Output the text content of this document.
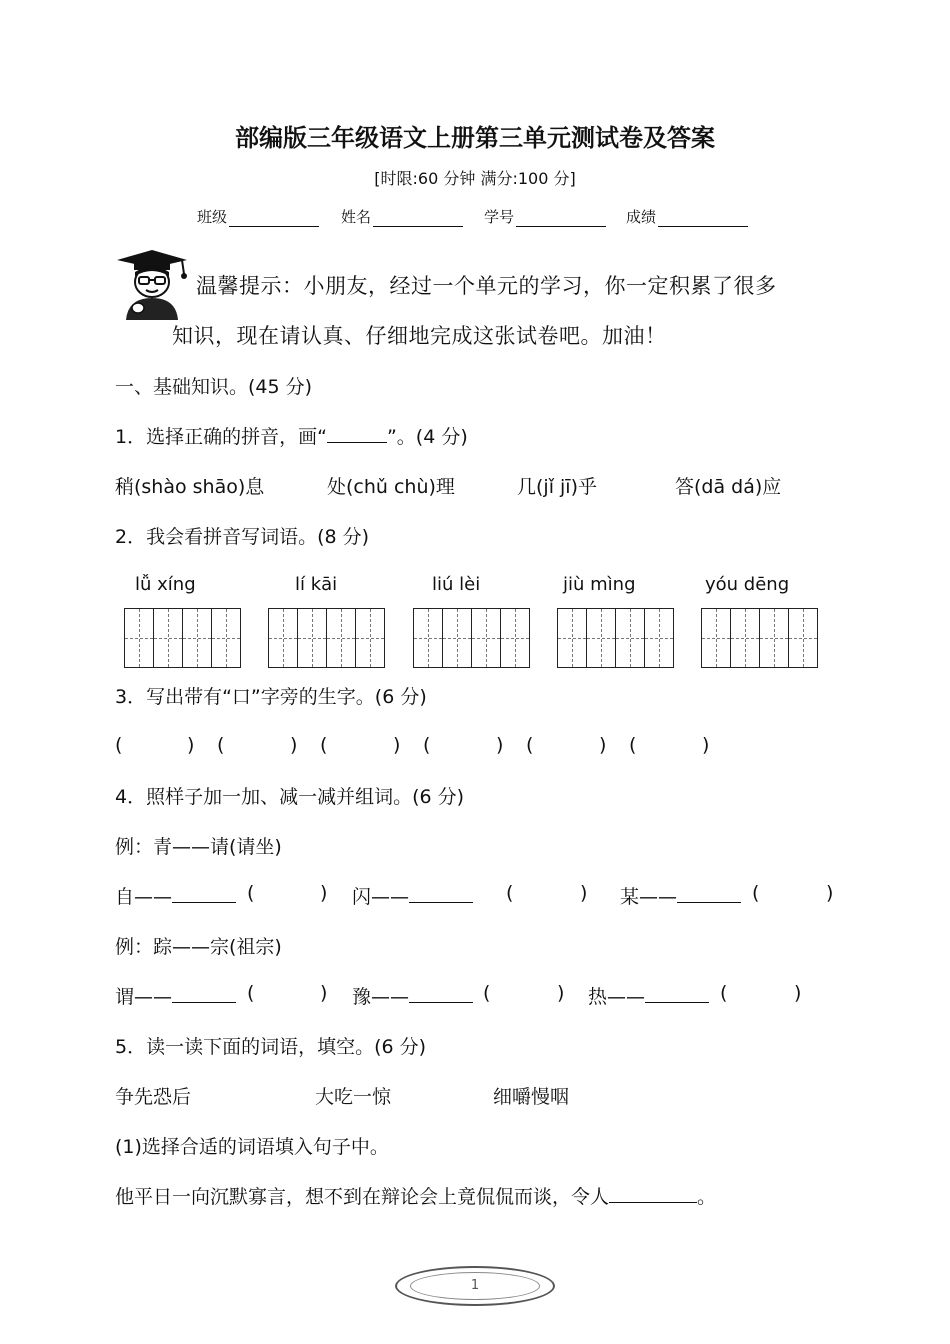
部编版三年级语文上册第三单元测试卷及答案
[时限:60 分钟 满分:100 分]
班级	姓名	学号	成绩
温馨提示：小朋友，经过一个单元的学习，你一定积累了很多
知识，现在请认真、仔细地完成这张试卷吧。加油！
一、基础知识。(45 分)
1．选择正确的拼音，画“	”。(4 分)
稍(shào shāo)息	处(chǔ chù)理	几(jǐ jī)乎	答(dā dá)应
2．我会看拼音写词语。(8 分)
lǚ xíng	lí kāi	liú lèi	jiù mìng	yóu dēng
3．写出带有“口”字旁的生字。(6 分)
(	) (	) (	) (	) (	) (	)
4．照样子加一加、减一减并组词。(6 分)
例：青——请(请坐)
自——	(	) 闪——	(	) 某——	(	)
例：踪——宗(祖宗)
谓——	(	) 豫——	(	) 热——	(	)
5．读一读下面的词语，填空。(6 分)
争先恐后	大吃一惊	细嚼慢咽
(1)选择合适的词语填入句子中。
他平日一向沉默寡言，想不到在辩论会上竟侃侃而谈，令人	。
1
